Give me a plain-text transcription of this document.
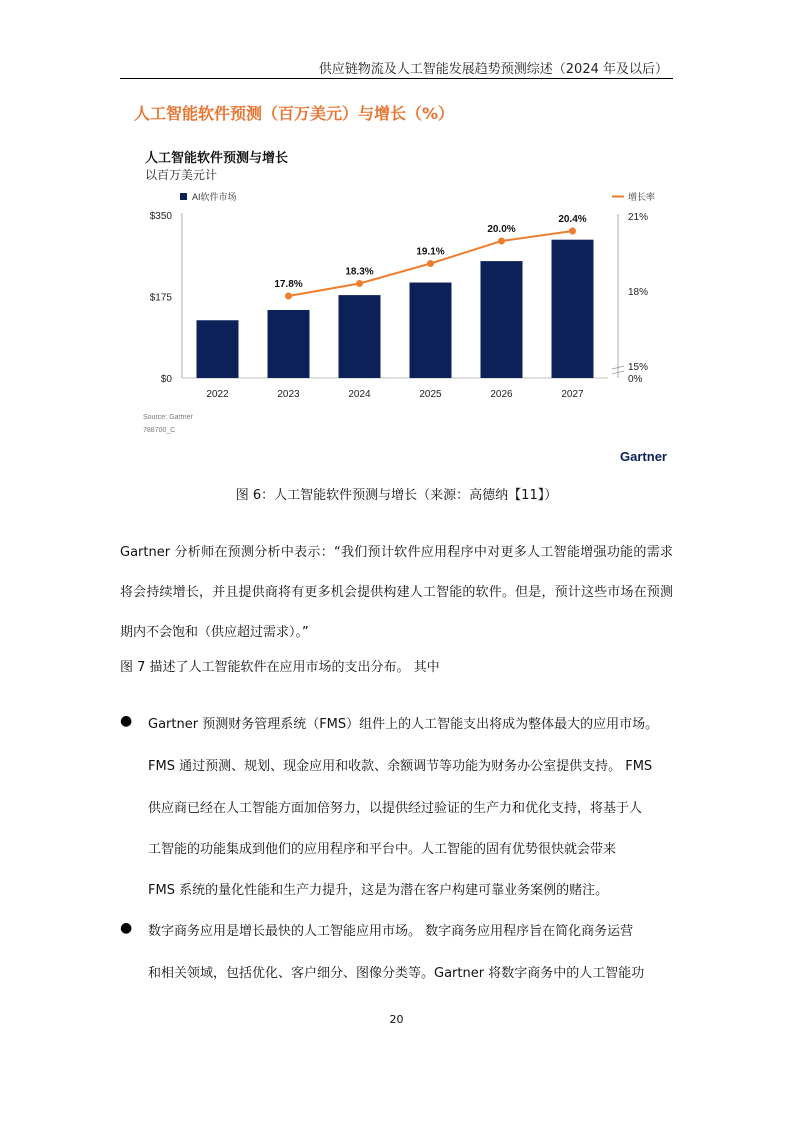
供应链物流及人工智能发展趋势预测综述（2024 年及以后）
人工智能软件预测（百万美元）与增长（%）
人工智能软件预测与增长
以百万美元计
AI软件市场	增长率
$350
$175
$0
21%
18%
15%
0%
17.8%
18.3%
19.1%
20.0%
20.4%
2022	2023	2024	2025	2026	2027
Source: Gartner
788700_C
Gartner
图 6：人工智能软件预测与增长（来源：高德纳【11】）
Gartner 分析师在预测分析中表示：“我们预计软件应用程序中对更多人工智能增强功能的需求将会持续增长，并且提供商将有更多机会提供构建人工智能的软件。但是，预计这些市场在预测期内不会饱和（供应超过需求）。”
图 7 描述了人工智能软件在应用市场的支出分布。 其中
● Gartner 预测财务管理系统（FMS）组件上的人工智能支出将成为整体最大的应用市场。
FMS 通过预测、规划、现金应用和收款、余额调节等功能为财务办公室提供支持。 FMS
供应商已经在人工智能方面加倍努力，以提供经过验证的生产力和优化支持，将基于人
工智能的功能集成到他们的应用程序和平台中。人工智能的固有优势很快就会带来
FMS 系统的量化性能和生产力提升，这是为潜在客户构建可靠业务案例的赌注。
● 数字商务应用是增长最快的人工智能应用市场。 数字商务应用程序旨在简化商务运营
和相关领域，包括优化、客户细分、图像分类等。Gartner 将数字商务中的人工智能功
20
